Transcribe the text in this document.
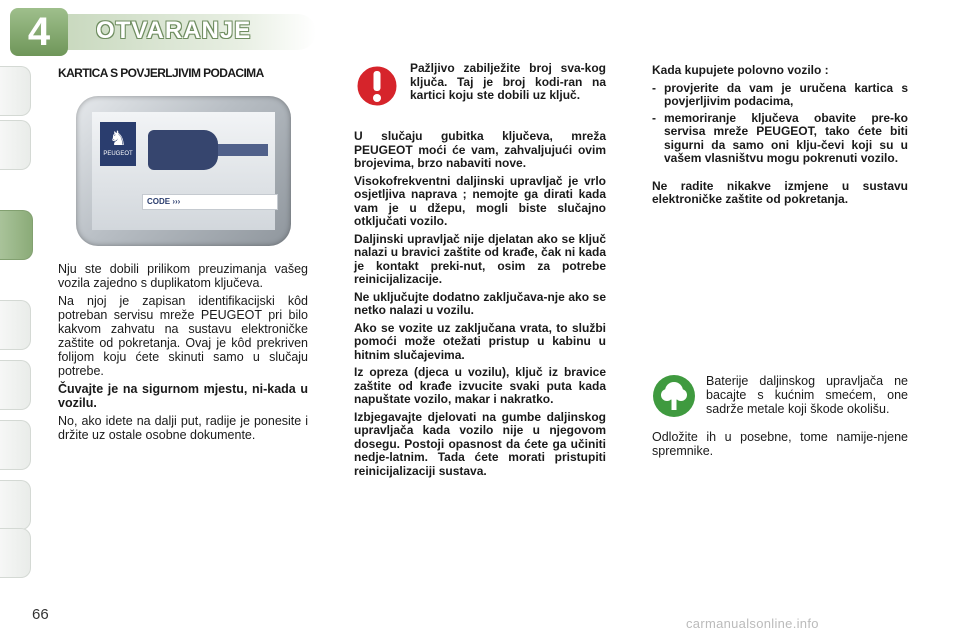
4 OTVARANJE
KARTICA S POVJERLJIVIM PODACIMA
♞
PEUGEOT
CODE ›››

Nju ste dobili prilikom preuzimanja vašeg vozila zajedno s duplikatom ključeva.

Na njoj je zapisan identifikacijski kôd potreban servisu mreže PEUGEOT pri bilo kakvom zahvatu na sustavu elektroničke zaštite od pokretanja. Ovaj je kôd prekriven folijom koju ćete skinuti samo u slučaju potrebe.

Čuvajte je na sigurnom mjestu, ni-kada u vozilu.

No, ako idete na dalji put, radije je ponesite i držite uz ostale osobne dokumente.

Pažljivo zabilježite broj sva-kog ključa. Taj je broj kodi-ran na kartici koju ste dobili uz ključ.

U slučaju gubitka ključeva, mreža PEUGEOT moći će vam, zahvaljujući ovim brojevima, brzo nabaviti nove.

Visokofrekventni daljinski upravljač je vrlo osjetljiva naprava ; nemojte ga dirati kada vam je u džepu, mogli biste slučajno otključati vozilo.

Daljinski upravljač nije djelatan ako se ključ nalazi u bravici zaštite od krađe, čak ni kada je kontakt preki-nut, osim za potrebe reinicijalizacije.

Ne uključujte dodatno zaključava-nje ako se netko nalazi u vozilu.

Ako se vozite uz zaključana vrata, to službi pomoći može otežati pristup u kabinu u hitnim slučajevima.

Iz opreza (djeca u vozilu), ključ iz bravice zaštite od krađe izvucite svaki puta kada napuštate vozilo, makar i nakratko.

Izbjegavajte djelovati na gumbe daljinskog upravljača kada vozilo nije u njegovom dosegu. Postoji opasnost da ćete ga učiniti nedje-latnim. Tada ćete morati pristupiti reinicijalizaciji sustava.

Kada kupujete polovno vozilo :

- provjerite da vam je uručena kartica s povjerljivim podacima,
- memoriranje ključeva obavite pre-ko servisa mreže PEUGEOT, tako ćete biti sigurni da samo oni klju-čevi koji su u vašem vlasništvu mogu pokrenuti vozilo.

Ne radite nikakve izmjene u sustavu elektroničke zaštite od pokretanja.

Baterije daljinskog upravljača ne bacajte s kućnim smećem, one sadrže metale koji škode okolišu.
Odložite ih u posebne, tome namije-njene spremnike.
66
carmanualsonline.info
